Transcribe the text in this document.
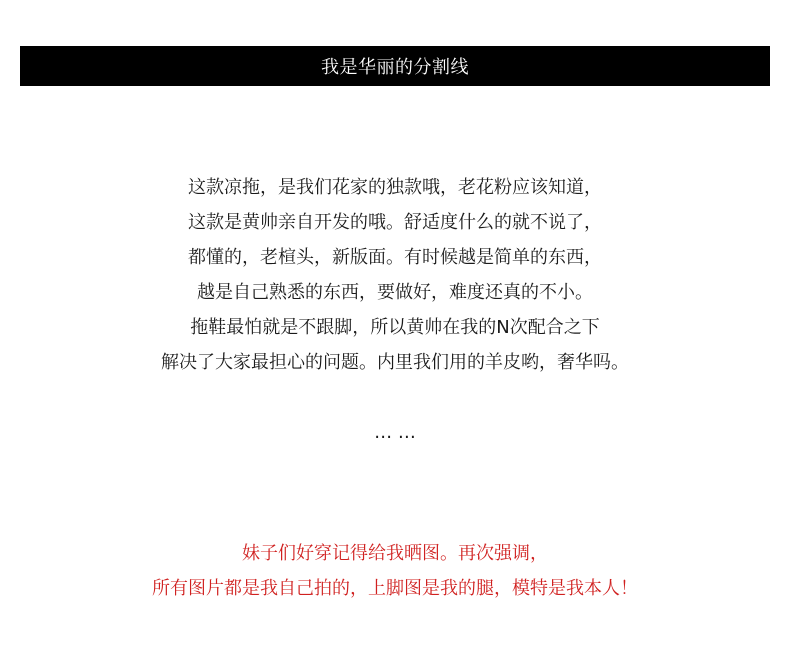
我是华丽的分割线
这款凉拖，是我们花家的独款哦，老花粉应该知道，
这款是黄帅亲自开发的哦。舒适度什么的就不说了，
都懂的，老楦头，新版面。有时候越是简单的东西，
越是自己熟悉的东西，要做好，难度还真的不小。
拖鞋最怕就是不跟脚，所以黄帅在我的N次配合之下
解决了大家最担心的问题。内里我们用的羊皮哟，奢华吗。
… …
妹子们好穿记得给我晒图。再次强调，
所有图片都是我自己拍的，上脚图是我的腿，模特是我本人！
